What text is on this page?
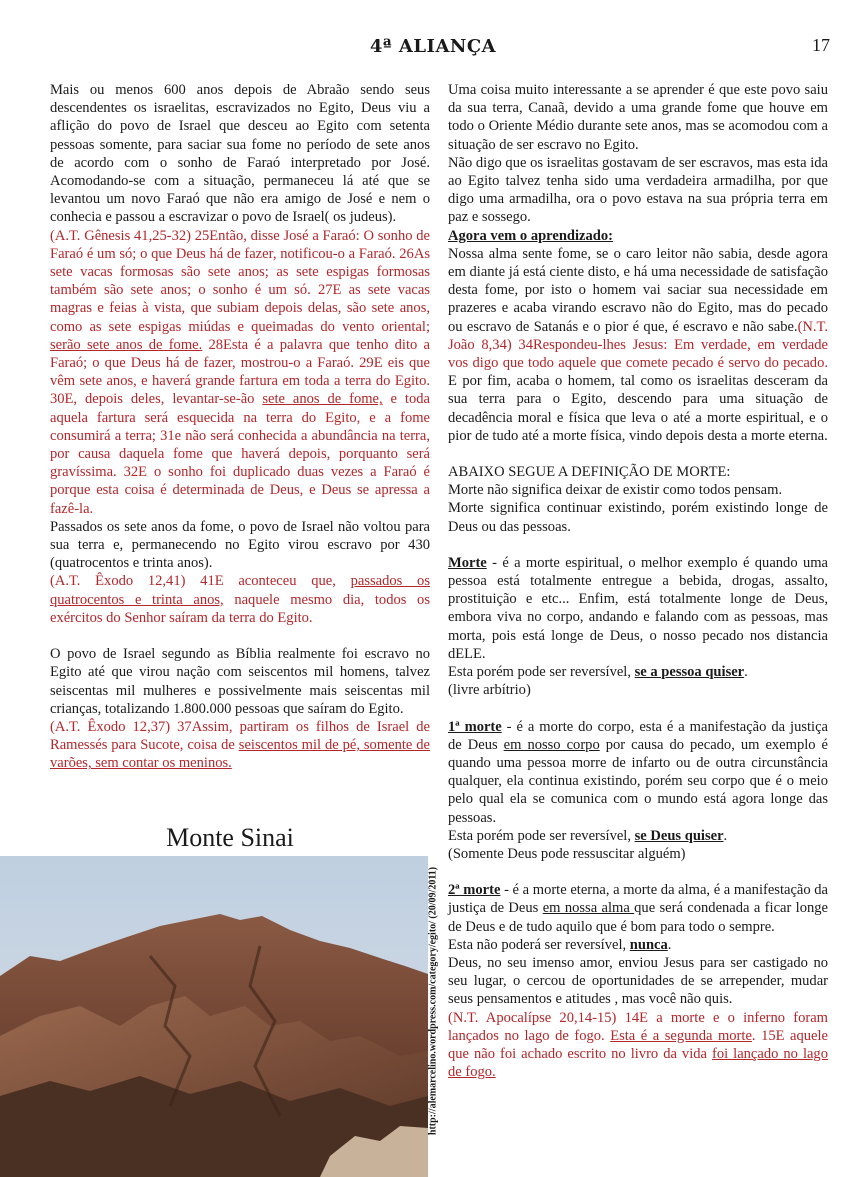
4ª ALIANÇA	17

Mais ou menos 600 anos depois de Abraão sendo seus descendentes os israelitas, escravizados no Egito, Deus viu a aflição do povo de Israel que desceu ao Egito com setenta pessoas somente, para saciar sua fome no período de sete anos de acordo com o sonho de Faraó interpretado por José. Acomodando-se com a situação, permaneceu lá até que se levantou um novo Faraó que não era amigo de José e nem o conhecia e passou a escravizar o povo de Israel( os judeus).

(A.T. Gênesis 41,25-32) 25Então, disse José a Faraó: O sonho de Faraó é um só; o que Deus há de fazer, notificou-o a Faraó. 26As sete vacas formosas são sete anos; as sete espigas formosas também são sete anos; o sonho é um só. 27E as sete vacas magras e feias à vista, que subiam depois delas, são sete anos, como as sete espigas miúdas e queimadas do vento oriental; serão sete anos de fome. 28Esta é a palavra que tenho dito a Faraó; o que Deus há de fazer, mostrou-o a Faraó. 29E eis que vêm sete anos, e haverá grande fartura em toda a terra do Egito. 30E, depois deles, levantar-se-ão sete anos de fome, e toda aquela fartura será esquecida na terra do Egito, e a fome consumirá a terra; 31e não será conhecida a abundância na terra, por causa daquela fome que haverá depois, porquanto será gravíssima. 32E o sonho foi duplicado duas vezes a Faraó é porque esta coisa é determinada de Deus, e Deus se apressa a fazê-la.

Passados os sete anos da fome, o povo de Israel não voltou para sua terra e, permanecendo no Egito virou escravo por 430 (quatrocentos e trinta anos).

(A.T. Êxodo 12,41) 41E aconteceu que, passados os quatrocentos e trinta anos, naquele mesmo dia, todos os exércitos do Senhor saíram da terra do Egito.

O povo de Israel segundo as Bíblia realmente foi escravo no Egito até que virou nação com seiscentos mil homens, talvez seiscentas mil mulheres e possivelmente mais seiscentas mil crianças, totalizando 1.800.000 pessoas que saíram do Egito.

(A.T. Êxodo 12,37) 37Assim, partiram os filhos de Israel de Ramessés para Sucote, coisa de seiscentos mil de pé, somente de varões, sem contar os meninos.

Monte Sinai
http://alemarcelino.wordpress.com/category/egito/ (20/09/2011)

Uma coisa muito interessante a se aprender é que este povo saiu da sua terra, Canaã, devido a uma grande fome que houve em todo o Oriente Médio durante sete anos, mas se acomodou com a situação de ser escravo no Egito.

Não digo que os israelitas gostavam de ser escravos, mas esta ida ao Egito talvez tenha sido uma verdadeira armadilha, por que digo uma armadilha, ora o povo estava na sua própria terra em paz e sossego.

Agora vem o aprendizado:

Nossa alma sente fome, se o caro leitor não sabia, desde agora em diante já está ciente disto, e há uma necessidade de satisfação desta fome, por isto o homem vai saciar sua necessidade em prazeres e acaba virando escravo não do Egito, mas do pecado ou escravo de Satanás e o pior é que, é escravo e não sabe.(N.T. João 8,34) 34Respondeu-lhes Jesus: Em verdade, em verdade vos digo que todo aquele que comete pecado é servo do pecado. E por fim, acaba o homem, tal como os israelitas desceram da sua terra para o Egito, descendo para uma situação de decadência moral e física que leva o até a morte espiritual, e o pior de tudo até a morte física, vindo depois desta a morte eterna.

ABAIXO SEGUE A DEFINIÇÃO DE MORTE:

Morte não significa deixar de existir como todos pensam.

Morte significa continuar existindo, porém existindo longe de Deus ou das pessoas.

Morte - é a morte espiritual, o melhor exemplo é quando uma pessoa está totalmente entregue a bebida, drogas, assalto, prostituição e etc... Enfim, está totalmente longe de Deus, embora viva no corpo, andando e falando com as pessoas, mas morta, pois está longe de Deus, o nosso pecado nos distancia dELE.

Esta porém pode ser reversível, se a pessoa quiser.

(livre arbítrio)

1ª morte - é a morte do corpo, esta é a manifestação da justiça de Deus em nosso corpo por causa do pecado, um exemplo é quando uma pessoa morre de infarto ou de outra circunstância qualquer, ela continua existindo, porém seu corpo que é o meio pelo qual ela se comunica com o mundo está agora longe das pessoas.

Esta porém pode ser reversível, se Deus quiser.

(Somente Deus pode ressuscitar alguém)

2ª morte - é a morte eterna, a morte da alma, é a manifestação da justiça de Deus em nossa alma que será condenada a ficar longe de Deus e de tudo aquilo que é bom para todo o sempre.

Esta não poderá ser reversível, nunca.

Deus, no seu imenso amor, enviou Jesus para ser castigado no seu lugar, o cercou de oportunidades de se arrepender, mudar seus pensamentos e atitudes , mas você não quis.

(N.T. Apocalípse 20,14-15) 14E a morte e o inferno foram lançados no lago de fogo. Esta é a segunda morte. 15E aquele que não foi achado escrito no livro da vida foi lançado no lago de fogo.
